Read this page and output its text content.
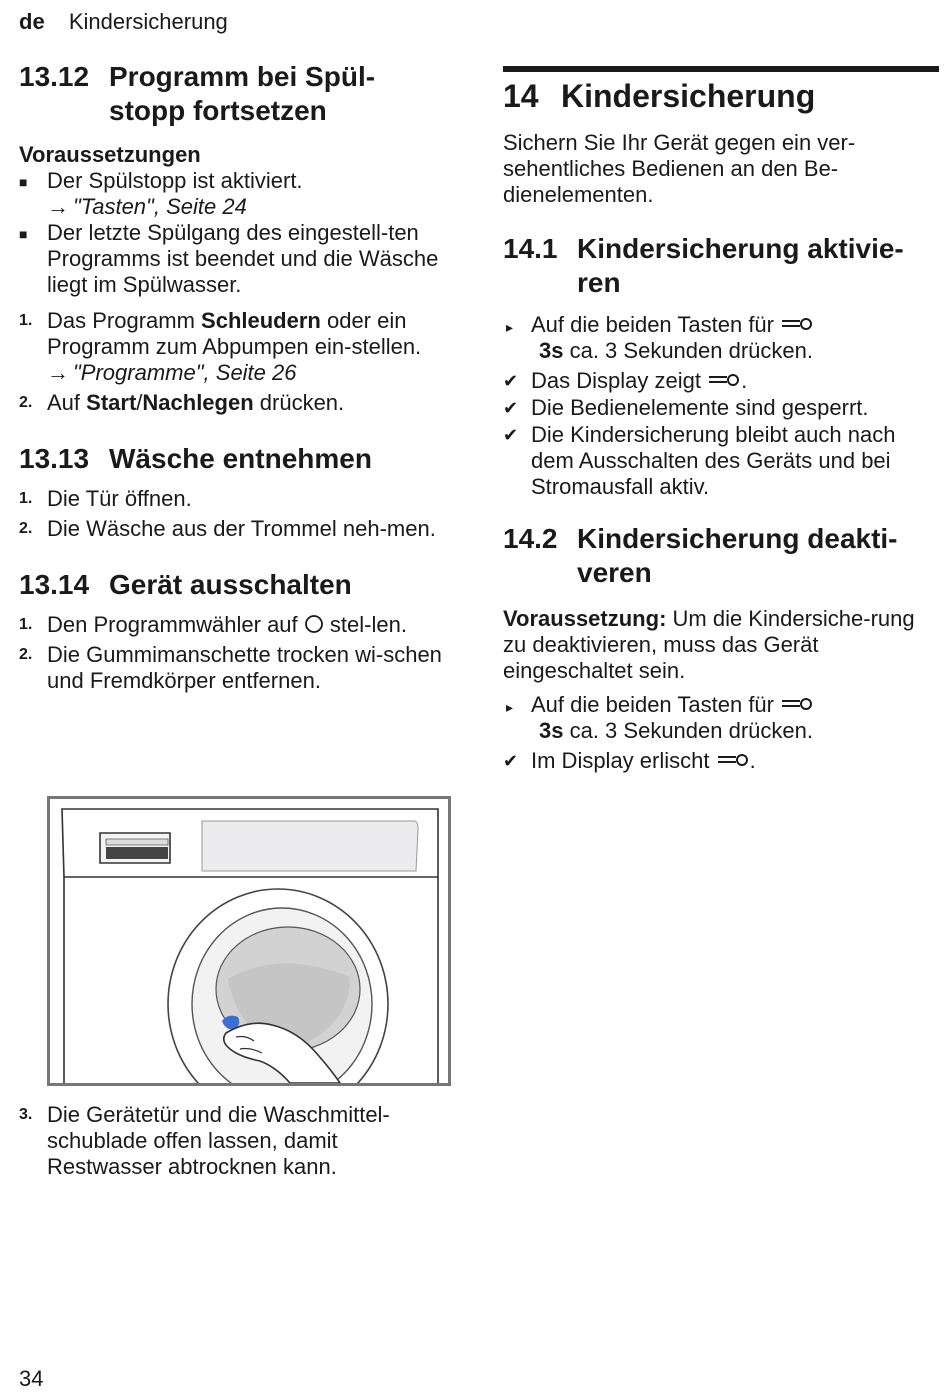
de Kindersicherung
13.12 Programm bei Spül-stopp fortsetzen
Voraussetzungen
■ Der Spülstopp ist aktiviert.
→ "Tasten", Seite 24
■ Der letzte Spülgang des eingestell-ten Programms ist beendet und die Wäsche liegt im Spülwasser.
1. Das Programm Schleudern oder ein Programm zum Abpumpen ein-stellen.
→ "Programme", Seite 26
2. Auf Start/Nachlegen drücken.
13.13 Wäsche entnehmen
1. Die Tür öffnen.
2. Die Wäsche aus der Trommel neh-men.
13.14 Gerät ausschalten
1. Den Programmwähler auf  stel-len.
2. Die Gummimanschette trocken wi-schen und Fremdkörper entfernen.
3. Die Gerätetür und die Waschmittel-schublade offen lassen, damit Restwasser abtrocknen kann.
14 Kindersicherung

Sichern Sie Ihr Gerät gegen ein ver-sehentliches Bedienen an den Be-dienelementen.

14.1 Kindersicherung aktivie-ren
▸ Auf die beiden Tasten für
3s ca. 3 Sekunden drücken.
✔ Das Display zeigt .
✔ Die Bedienelemente sind gesperrt.
✔ Die Kindersicherung bleibt auch nach dem Ausschalten des Geräts und bei Stromausfall aktiv.
14.2 Kindersicherung deakti-veren

Voraussetzung: Um die Kindersiche-rung zu deaktivieren, muss das Gerät eingeschaltet sein.

▸ Auf die beiden Tasten für
3s ca. 3 Sekunden drücken.
✔ Im Display erlischt .
34
